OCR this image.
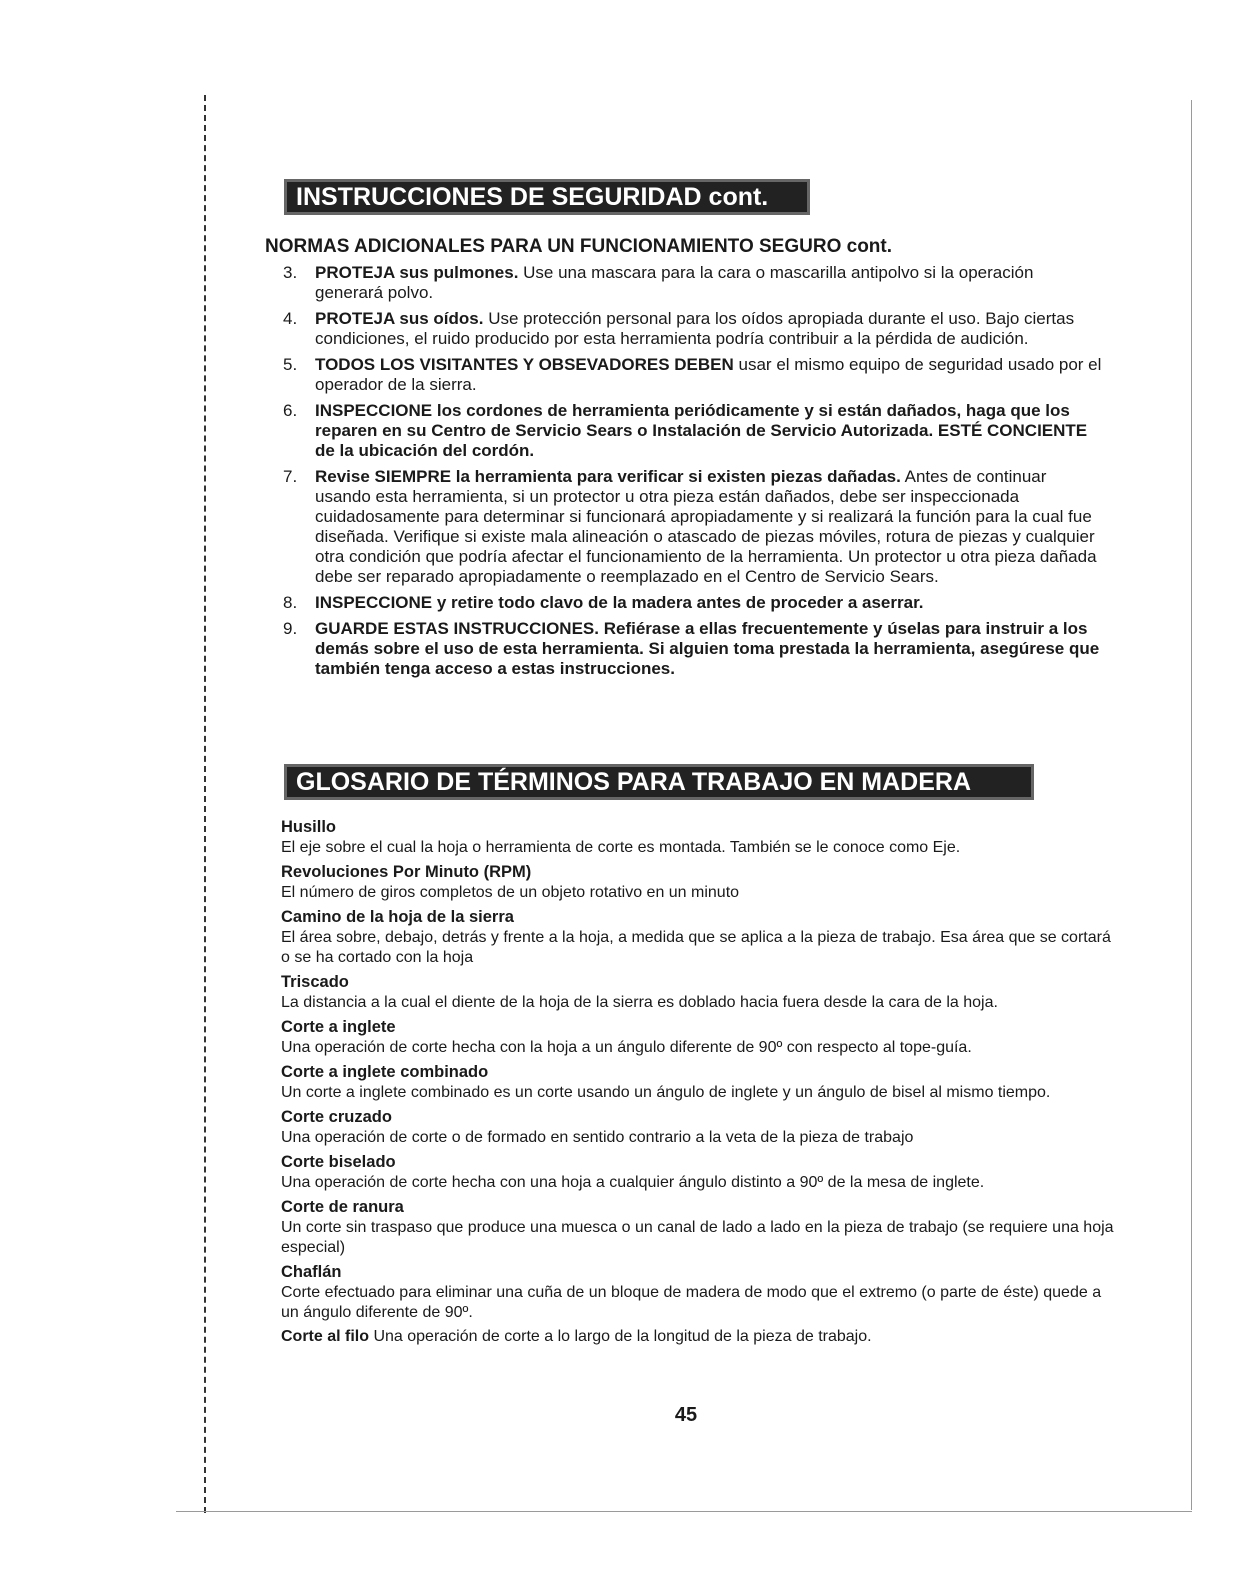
INSTRUCCIONES DE SEGURIDAD cont.
NORMAS ADICIONALES PARA UN FUNCIONAMIENTO SEGURO cont.
3. PROTEJA sus pulmones. Use una mascara para la cara o mascarilla antipolvo si la operación generará polvo.
4. PROTEJA sus oídos. Use protección personal para los oídos apropiada durante el uso. Bajo ciertas condiciones, el ruido producido por esta herramienta podría contribuir a la pérdida de audición.
5. TODOS LOS VISITANTES Y OBSEVADORES DEBEN usar el mismo equipo de seguridad usado por el operador de la sierra.
6. INSPECCIONE los cordones de herramienta periódicamente y si están dañados, haga que los reparen en su Centro de Servicio Sears o Instalación de Servicio Autorizada. ESTÉ CONCIENTE de la ubicación del cordón.
7. Revise SIEMPRE la herramienta para verificar si existen piezas dañadas. Antes de continuar usando esta herramienta, si un protector u otra pieza están dañados, debe ser inspeccionada cuidadosamente para determinar si funcionará apropiadamente y si realizará la función para la cual fue diseñada. Verifique si existe mala alineación o atascado de piezas móviles, rotura de piezas y cualquier otra condición que podría afectar el funcionamiento de la herramienta. Un protector u otra pieza dañada debe ser reparado apropiadamente o reemplazado en el Centro de Servicio Sears.
8. INSPECCIONE y retire todo clavo de la madera antes de proceder a aserrar.
9. GUARDE ESTAS INSTRUCCIONES. Refiérase a ellas frecuentemente y úselas para instruir a los demás sobre el uso de esta herramienta. Si alguien toma prestada la herramienta, asegúrese que también tenga acceso a estas instrucciones.
GLOSARIO DE TÉRMINOS PARA TRABAJO EN MADERA
Husillo
El eje sobre el cual la hoja o herramienta de corte es montada. También se le conoce como Eje.
Revoluciones Por Minuto (RPM)
El número de giros completos de un objeto rotativo en un minuto
Camino de la hoja de la sierra
El área sobre, debajo, detrás y frente a la hoja, a medida que se aplica a la pieza de trabajo. Esa área que se cortará o se ha cortado con la hoja
Triscado
La distancia a la cual el diente de la hoja de la sierra es doblado hacia fuera desde la cara de la hoja.
Corte a inglete
Una operación de corte hecha con la hoja a un ángulo diferente de 90º con respecto al tope-guía.
Corte a inglete combinado
Un corte a inglete combinado es un corte usando un ángulo de inglete y un ángulo de bisel al mismo tiempo.
Corte cruzado
Una operación de corte o de formado en sentido contrario a la veta de la pieza de trabajo
Corte biselado
Una operación de corte hecha con una hoja a cualquier ángulo distinto a 90º de la mesa de inglete.
Corte de ranura
Un corte sin traspaso que produce una muesca o un canal de lado a lado en la pieza de trabajo (se requiere una hoja especial)
Chaflán
Corte efectuado para eliminar una cuña de un bloque de madera de modo que el extremo (o parte de éste) quede a un ángulo diferente de 90º.
Corte al filo Una operación de corte a lo largo de la longitud de la pieza de trabajo.
45
